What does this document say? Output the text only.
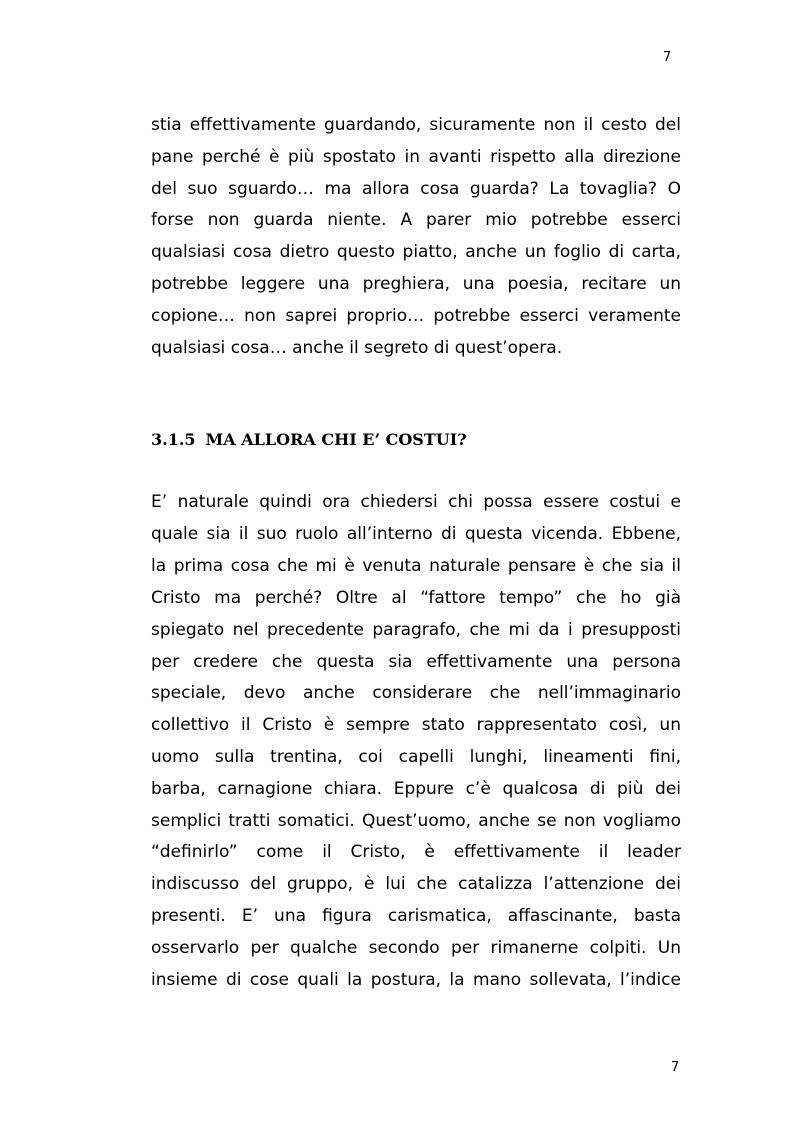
7

stia effettivamente guardando, sicuramente non il cesto del

pane perché è più spostato in avanti rispetto alla direzione

del suo sguardo… ma allora cosa guarda? La tovaglia? O

forse non guarda niente. A parer mio potrebbe esserci

qualsiasi cosa dietro questo piatto, anche un foglio di carta,

potrebbe leggere una preghiera, una poesia, recitare un

copione… non saprei proprio… potrebbe esserci veramente

qualsiasi cosa… anche il segreto di quest’opera.

3.1.5 MA ALLORA CHI E’ COSTUI?

E’ naturale quindi ora chiedersi chi possa essere costui e

quale sia il suo ruolo all’interno di questa vicenda. Ebbene,

la prima cosa che mi è venuta naturale pensare è che sia il

Cristo ma perché? Oltre al “fattore tempo” che ho già

spiegato nel precedente paragrafo, che mi da i presupposti

per credere che questa sia effettivamente una persona

speciale, devo anche considerare che nell’immaginario

collettivo il Cristo è sempre stato rappresentato così, un

uomo sulla trentina, coi capelli lunghi, lineamenti fini,

barba, carnagione chiara. Eppure c’è qualcosa di più dei

semplici tratti somatici. Quest’uomo, anche se non vogliamo

“definirlo” come il Cristo, è effettivamente il leader

indiscusso del gruppo, è lui che catalizza l’attenzione dei

presenti. E’ una figura carismatica, affascinante, basta

osservarlo per qualche secondo per rimanerne colpiti. Un

insieme di cose quali la postura, la mano sollevata, l’indice

7
